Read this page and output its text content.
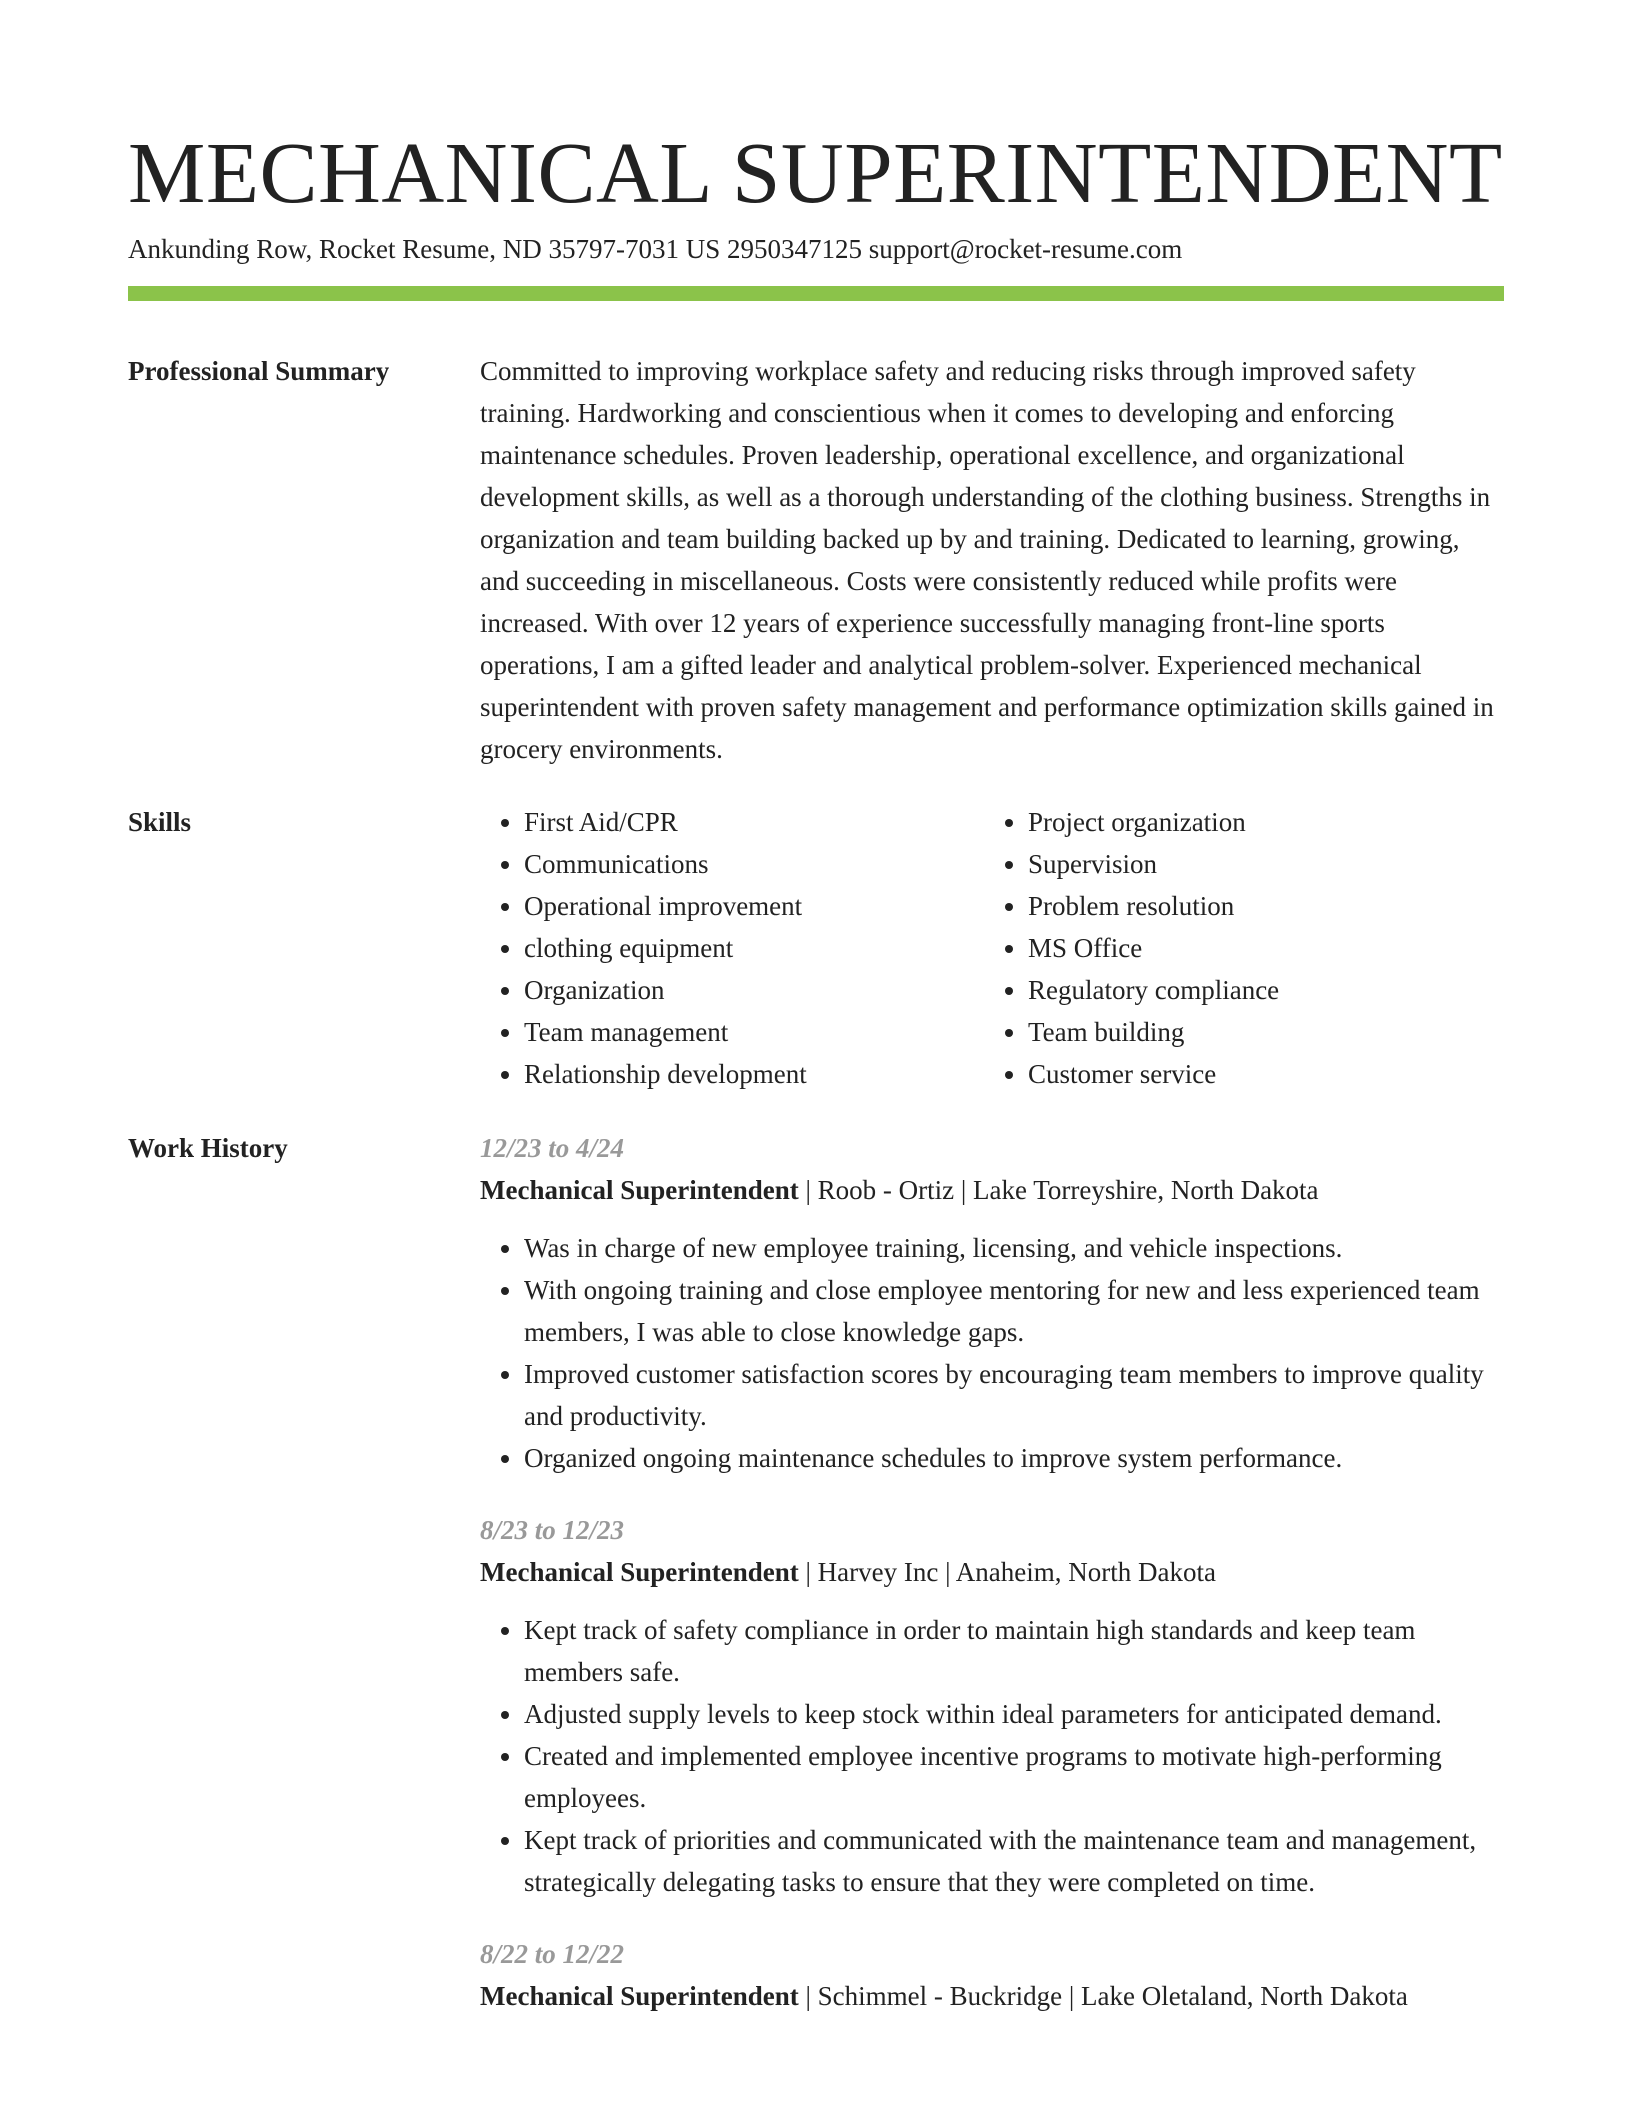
MECHANICAL SUPERINTENDENT
Ankunding Row, Rocket Resume, ND 35797-7031 US 2950347125 support@rocket-resume.com
Professional Summary	Committed to improving workplace safety and reducing risks through improved safety training. Hardworking and conscientious when it comes to developing and enforcing maintenance schedules. Proven leadership, operational excellence, and organizational development skills, as well as a thorough understanding of the clothing business. Strengths in organization and team building backed up by and training. Dedicated to learning, growing, and succeeding in miscellaneous. Costs were consistently reduced while profits were increased. With over 12 years of experience successfully managing front-line sports operations, I am a gifted leader and analytical problem-solver. Experienced mechanical superintendent with proven safety management and performance optimization skills gained in grocery environments.

Skills
•	First Aid/CPR
• Communications
• Operational improvement
• clothing equipment
• Organization
• Team management
• Relationship development
• Project organization
• Supervision
• Problem resolution
• MS Office
• Regulatory compliance
• Team building
• Customer service
Work History	12/23 to 4/24
Mechanical Superintendent | Roob - Ortiz | Lake Torreyshire, North Dakota
• Was in charge of new employee training, licensing, and vehicle inspections.
• With ongoing training and close employee mentoring for new and less experienced team members, I was able to close knowledge gaps.
• Improved customer satisfaction scores by encouraging team members to improve quality and productivity.
• Organized ongoing maintenance schedules to improve system performance.
8/23 to 12/23
Mechanical Superintendent | Harvey Inc | Anaheim, North Dakota
• Kept track of safety compliance in order to maintain high standards and keep team members safe.
• Adjusted supply levels to keep stock within ideal parameters for anticipated demand.
• Created and implemented employee incentive programs to motivate high-performing employees.
• Kept track of priorities and communicated with the maintenance team and management, strategically delegating tasks to ensure that they were completed on time.
8/22 to 12/22
Mechanical Superintendent | Schimmel - Buckridge | Lake Oletaland, North Dakota
